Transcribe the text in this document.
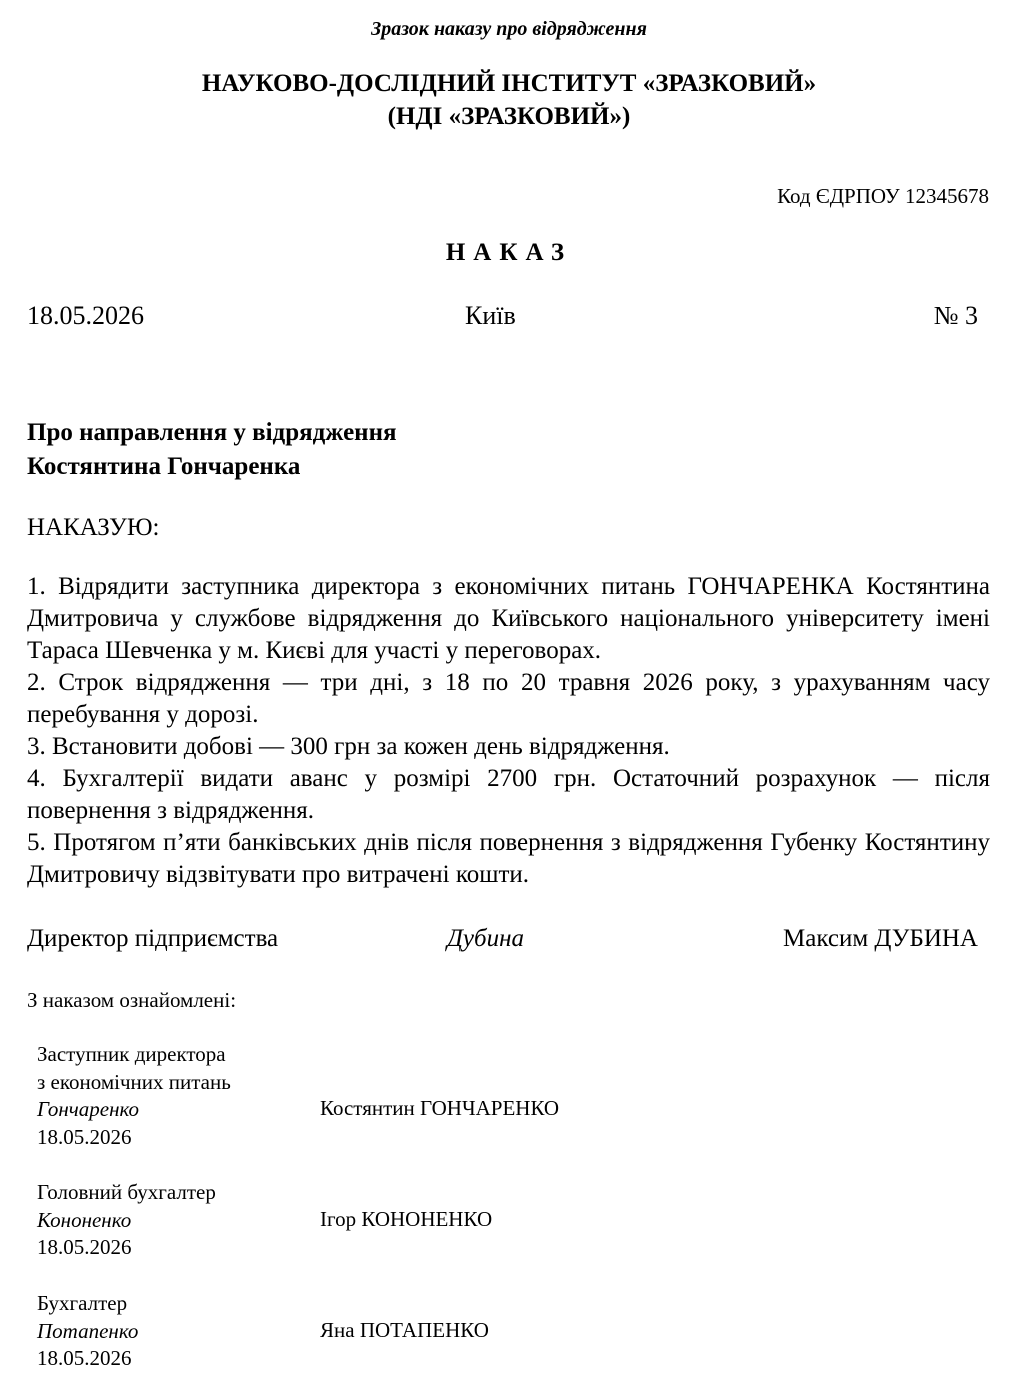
Зразок наказу про відрядження
НАУКОВО-ДОСЛІДНИЙ ІНСТИТУТ «ЗРАЗКОВИЙ»
(НДІ «ЗРАЗКОВИЙ»)
Код ЄДРПОУ 12345678
НАКАЗ
18.05.2026	Київ	№ 3
Про направлення у відрядження
Костянтина Гончаренка
НАКАЗУЮ:

1. Відрядити заступника директора з економічних питань ГОНЧАРЕНКА Костянтина Дмитровича у службове відрядження до Київського національного університету імені Тараса Шевченка у м. Києві для участі у переговорах.

2. Строк відрядження — три дні, з 18 по 20 травня 2026 року, з урахуванням часу перебування у дорозі.

3. Встановити добові — 300 грн за кожен день відрядження.

4. Бухгалтерії видати аванс у розмірі 2700 грн. Остаточний розрахунок — після повернення з відрядження.

5. Протягом п’яти банківських днів після повернення з відрядження Губенку Костянтину Дмитровичу відзвітувати про витрачені кошти.

Директор підприємства	Дубина	Максим ДУБИНА
З наказом ознайомлені:
Заступник директора
з економічних питань
Гончаренко
18.05.2026
Костянтин ГОНЧАРЕНКО
Головний бухгалтер
Кононенко
18.05.2026
Ігор КОНОНЕНКО
Бухгалтер
Потапенко
18.05.2026
Яна ПОТАПЕНКО
